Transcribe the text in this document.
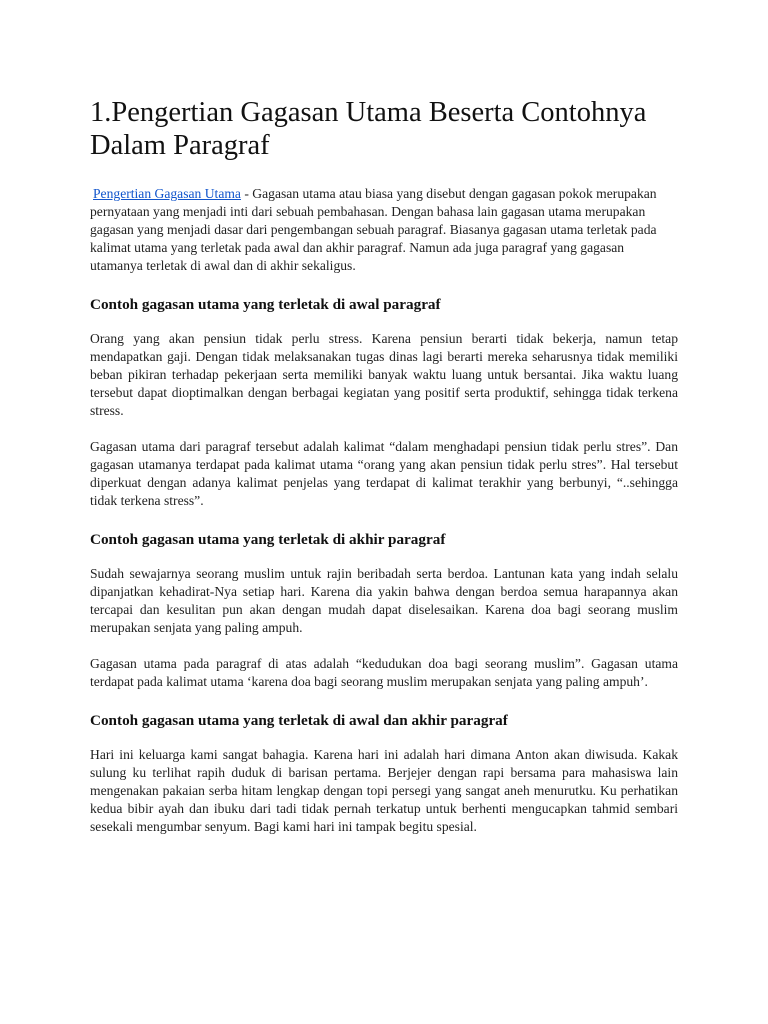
1.Pengertian Gagasan Utama Beserta Contohnya Dalam Paragraf

Pengertian Gagasan Utama - Gagasan utama atau biasa yang disebut dengan gagasan pokok merupakan pernyataan yang menjadi inti dari sebuah pembahasan. Dengan bahasa lain gagasan utama merupakan gagasan yang menjadi dasar dari pengembangan sebuah paragraf. Biasanya gagasan utama terletak pada kalimat utama yang terletak pada awal dan akhir paragraf. Namun ada juga paragraf yang gagasan utamanya terletak di awal dan di akhir sekaligus.

Contoh gagasan utama yang terletak di awal paragraf

Orang yang akan pensiun tidak perlu stress. Karena pensiun berarti tidak bekerja, namun tetap mendapatkan gaji. Dengan tidak melaksanakan tugas dinas lagi berarti mereka seharusnya tidak memiliki beban pikiran terhadap pekerjaan serta memiliki banyak waktu luang untuk bersantai. Jika waktu luang tersebut dapat dioptimalkan dengan berbagai kegiatan yang positif serta produktif, sehingga tidak terkena stress.

Gagasan utama dari paragraf tersebut adalah kalimat “dalam menghadapi pensiun tidak perlu stres”. Dan gagasan utamanya terdapat pada kalimat utama “orang yang akan pensiun tidak perlu stres”. Hal tersebut diperkuat dengan adanya kalimat penjelas yang terdapat di kalimat terakhir yang berbunyi, “..sehingga tidak terkena stress”.

Contoh gagasan utama yang terletak di akhir paragraf

Sudah sewajarnya seorang muslim untuk rajin beribadah serta berdoa. Lantunan kata yang indah selalu dipanjatkan kehadirat-Nya setiap hari. Karena dia yakin bahwa dengan berdoa semua harapannya akan tercapai dan kesulitan pun akan dengan mudah dapat diselesaikan. Karena doa bagi seorang muslim merupakan senjata yang paling ampuh.

Gagasan utama pada paragraf di atas adalah “kedudukan doa bagi seorang muslim”. Gagasan utama terdapat pada kalimat utama ‘karena doa bagi seorang muslim merupakan senjata yang paling ampuh’.

Contoh gagasan utama yang terletak di awal dan akhir paragraf

Hari ini keluarga kami sangat bahagia. Karena hari ini adalah hari dimana Anton akan diwisuda. Kakak sulung ku terlihat rapih duduk di barisan pertama. Berjejer dengan rapi bersama para mahasiswa lain mengenakan pakaian serba hitam lengkap dengan topi persegi yang sangat aneh menurutku. Ku perhatikan kedua bibir ayah dan ibuku dari tadi tidak pernah terkatup untuk berhenti mengucapkan tahmid sembari sesekali mengumbar senyum. Bagi kami hari ini tampak begitu spesial.
